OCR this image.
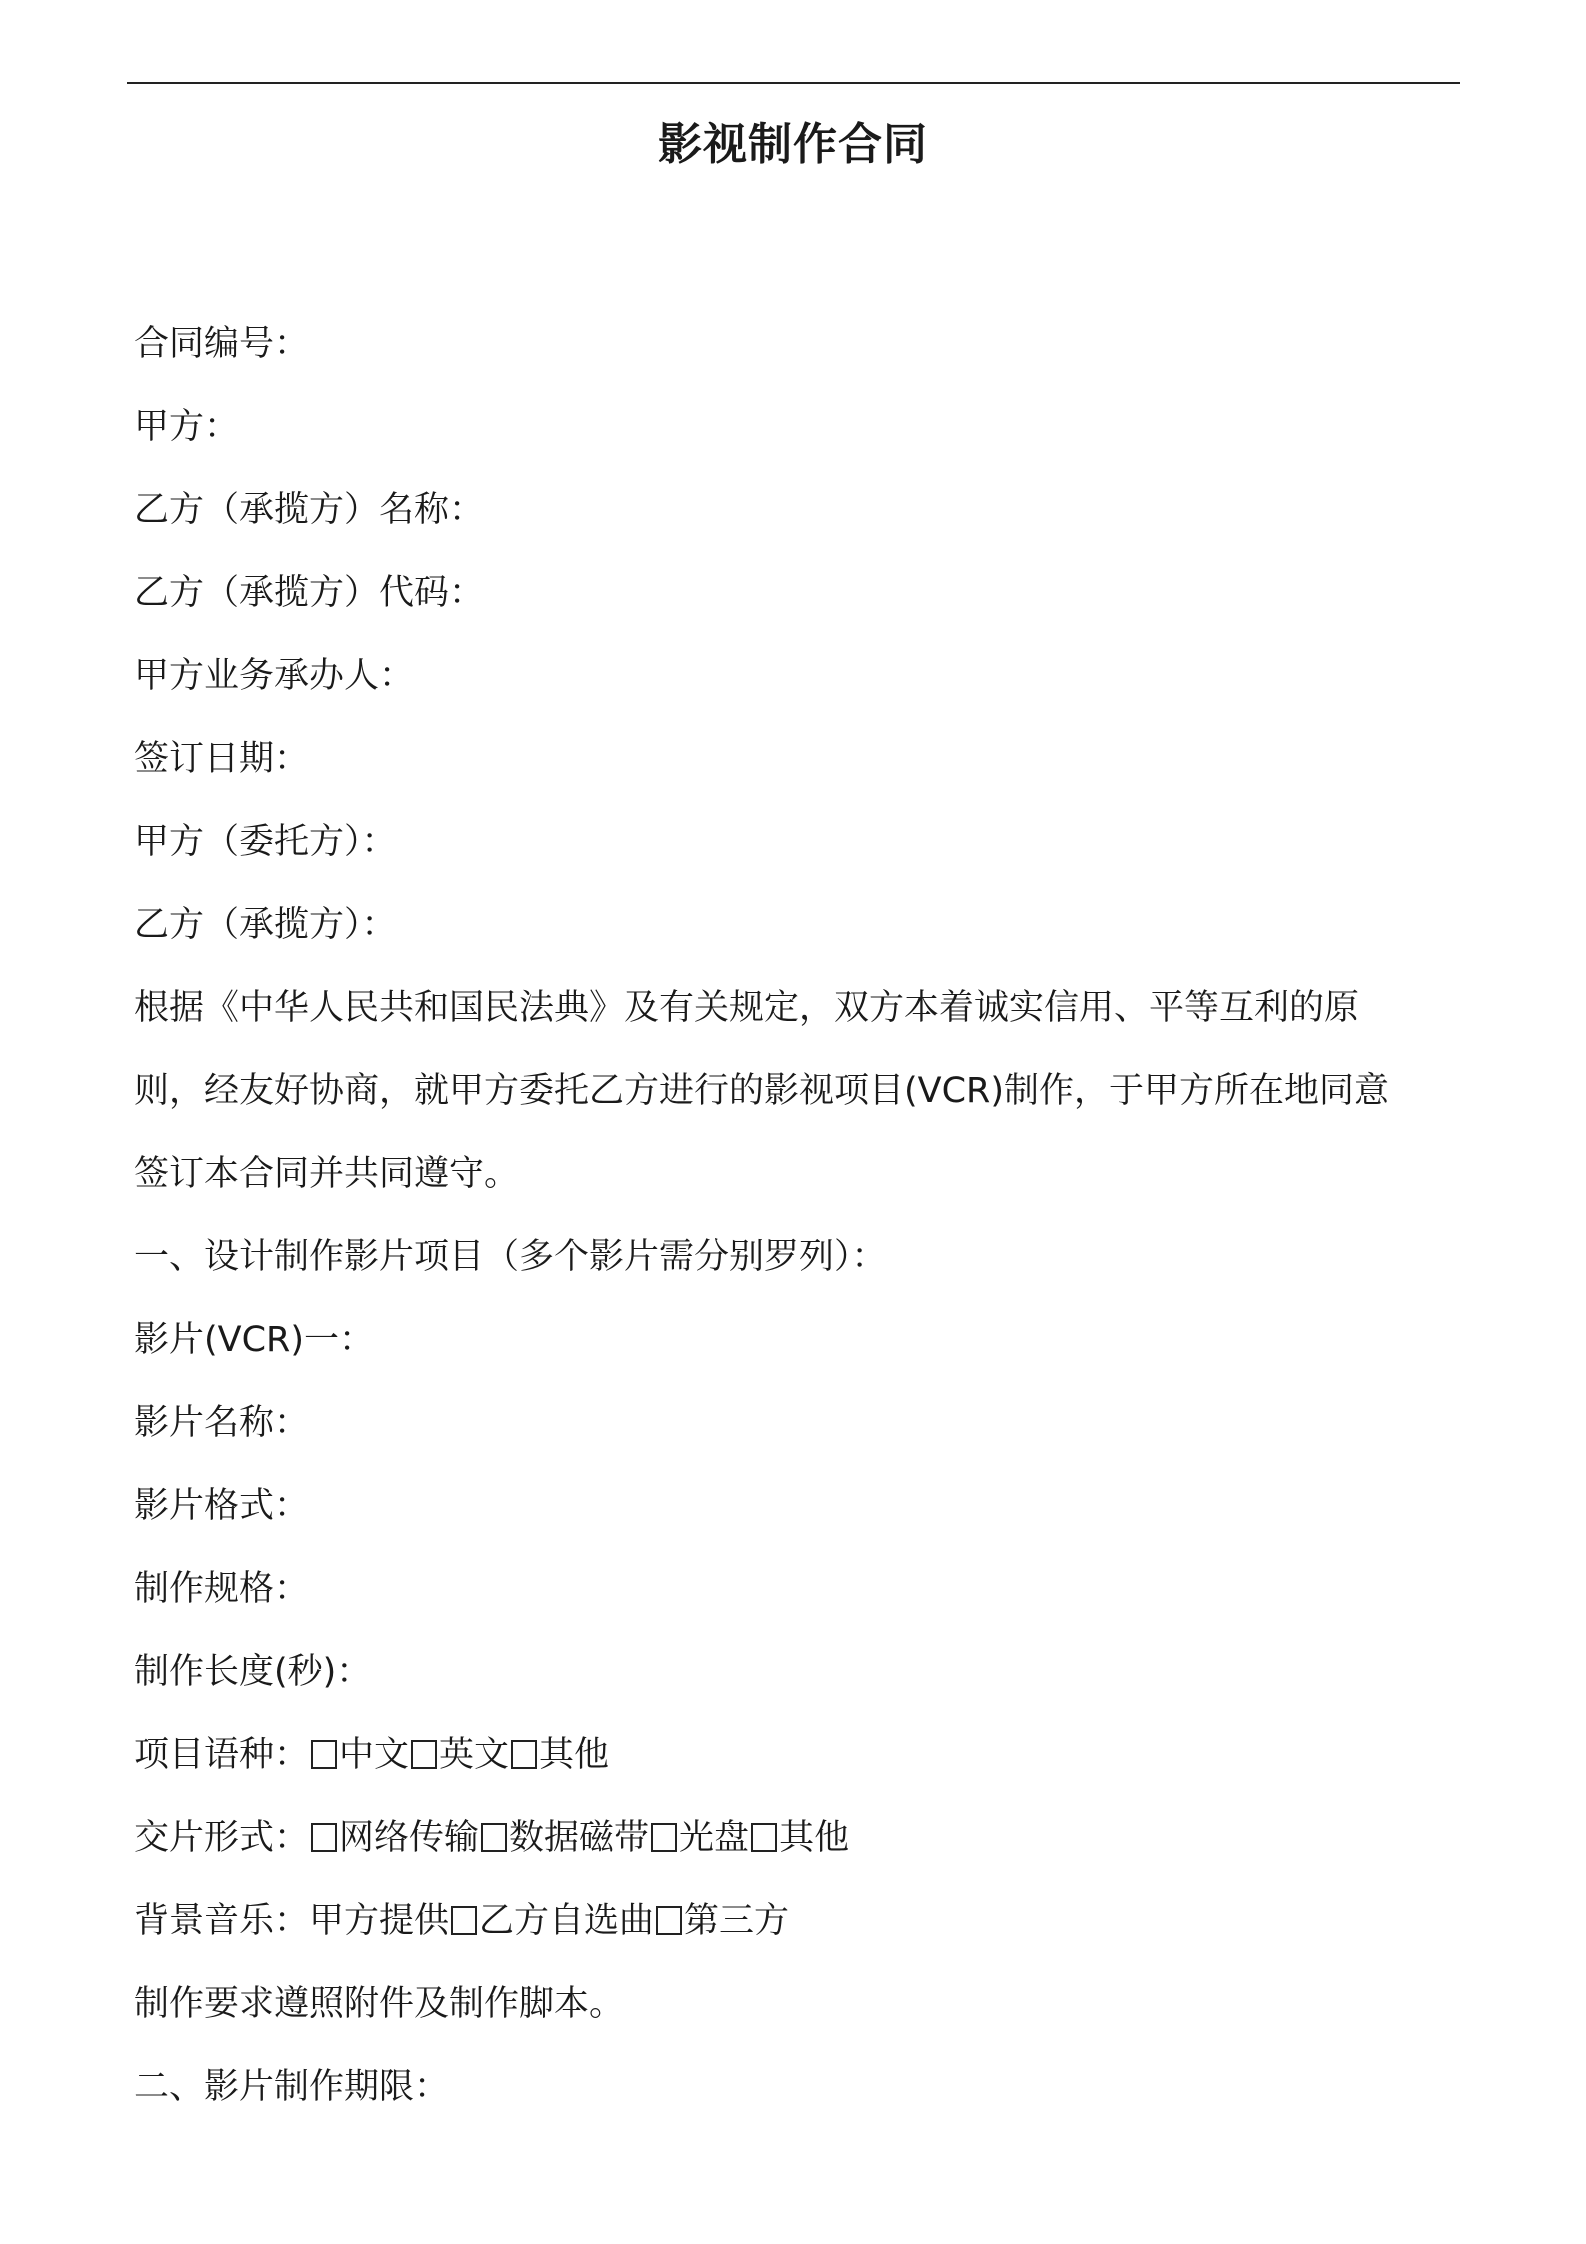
影视制作合同
合同编号：
甲方：
乙方（承揽方）名称：
乙方（承揽方）代码：
甲方业务承办人：
签订日期：
甲方（委托方）：
乙方（承揽方）：
根据《中华人民共和国民法典》及有关规定，双方本着诚实信用、平等互利的原
则，经友好协商，就甲方委托乙方进行的影视项目(VCR)制作，于甲方所在地同意
签订本合同并共同遵守。
一、设计制作影片项目（多个影片需分别罗列）：
影片(VCR)一：
影片名称：
影片格式：
制作规格：
制作长度(秒)：
项目语种： 中文 英文 其他
交片形式： 网络传输 数据磁带 光盘 其他
背景音乐：甲方提供 乙方自选曲 第三方
制作要求遵照附件及制作脚本。
二、影片制作期限：
